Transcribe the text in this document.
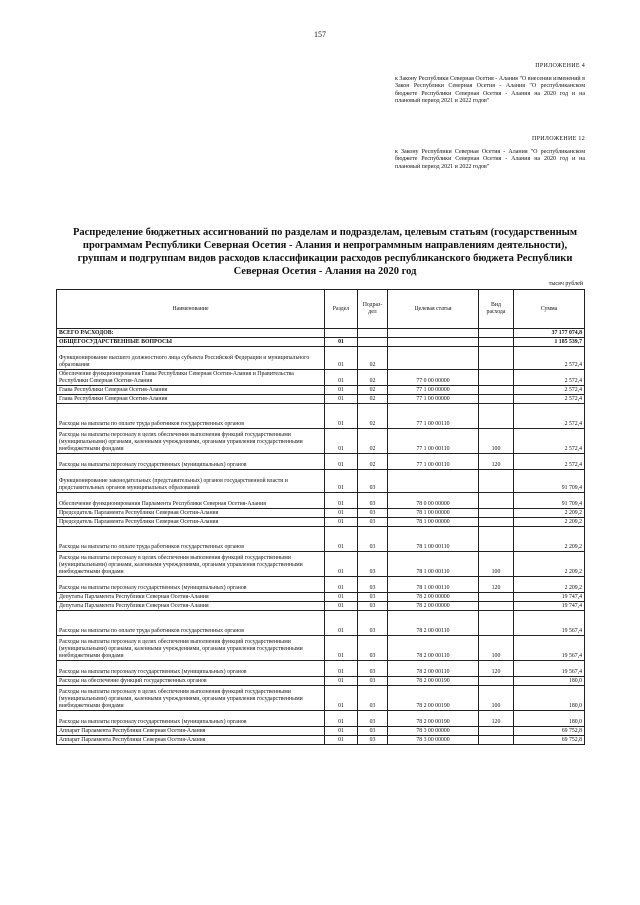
157
ПРИЛОЖЕНИЕ 4
к Закону Республики Северная Осетия - Алания "О внесении изменений в Закон Республики Северная Осетия - Алания "О республиканском бюджете Республики Северная Осетия - Алания на 2020 год и на плановый период 2021 и 2022 годов"
ПРИЛОЖЕНИЕ 12
к Закону Республики Северная Осетия - Алания "О республиканском бюджете Республики Северная Осетия - Алания на 2020 год и на плановый период 2021 и 2022 годов"
Распределение бюджетных ассигнований по разделам и подразделам, целевым статьям (государственным программам Республики Северная Осетия - Алания и непрограммным направлениям деятельности), группам и подгруппам видов расходов классификации расходов республиканского бюджета Республики Северная Осетия - Алания на 2020 год
тысяч рублей
Наименование	Раздел	Подраз- дел	Целевая статья	Вид расхода	Сумма
ВСЕГО РАСХОДОВ:					37 177 074,8
ОБЩЕГОСУДАРСТВЕННЫЕ ВОПРОСЫ	01				1 185 539,7
Функционирование высшего должностного лица субъекта Российской Федерации и муниципального образования	01	02			2 572,4
Обеспечение функционирования Главы Республики Северная Осетия-Алания и Правительства Республики Северная Осетия-Алания	01	02	77 0 00 00000		2 572,4
Глава Республики Северная Осетия-Алания	01	02	77 1 00 00000		2 572,4
Глава Республики Северная Осетия-Алания	01	02	77 1 00 00000		2 572,4
Расходы на выплаты по оплате труда работников государственных органов	01	02	77 1 00 00110		2 572,4
Расходы на выплаты персоналу в целях обеспечения выполнения функций государственными (муниципальными) органами, казенными учреждениями, органами управления государственными внебюджетными фондами	01	02	77 1 00 00110	100	2 572,4
Расходы на выплаты персоналу государственных (муниципальных) органов	01	02	77 1 00 00110	120	2 572,4
Функционирование законодательных (представительных) органов государственной власти и представительных органов муниципальных образований	01	03			91 709,4
Обеспечение функционирования Парламента Республики Северная Осетия-Алания	01	03	78 0 00 00000		91 709,4
Председатель Парламента Республики Северная Осетия-Алания	01	03	78 1 00 00000		2 209,2
Председатель Парламента Республики Северная Осетия-Алания	01	03	78 1 00 00000		2 209,2
Расходы на выплаты по оплате труда работников государственных органов	01	03	78 1 00 00110		2 209,2
Расходы на выплаты персоналу в целях обеспечения выполнения функций государственными (муниципальными) органами, казенными учреждениями, органами управления государственными внебюджетными фондами	01	03	78 1 00 00110	100	2 209,2
Расходы на выплаты персоналу государственных (муниципальных) органов	01	03	78 1 00 00110	120	2 209,2
Депутаты Парламента Республики Северная Осетия-Алания	01	03	78 2 00 00000		19 747,4
Депутаты Парламента Республики Северная Осетия-Алания	01	03	78 2 00 00000		19 747,4
Расходы на выплаты по оплате труда работников государственных органов	01	03	78 2 00 00110		19 567,4
Расходы на выплаты персоналу в целях обеспечения выполнения функций государственными (муниципальными) органами, казенными учреждениями, органами управления государственными внебюджетными фондами	01	03	78 2 00 00110	100	19 567,4
Расходы на выплаты персоналу государственных (муниципальных) органов	01	03	78 2 00 00110	120	19 567,4
Расходы на обеспечение функций государственных органов	01	03	78 2 00 00190		180,0
Расходы на выплаты персоналу в целях обеспечения выполнения функций государственными (муниципальными) органами, казенными учреждениями, органами управления государственными внебюджетными фондами	01	03	78 2 00 00190	100	180,0
Расходы на выплаты персоналу государственных (муниципальных) органов	01	03	78 2 00 00190	120	180,0
Аппарат Парламента Республики Северная Осетия-Алания	01	03	78 3 00 00000		69 752,8
Аппарат Парламента Республики Северная Осетия-Алания	01	03	78 3 00 00000		69 752,8
